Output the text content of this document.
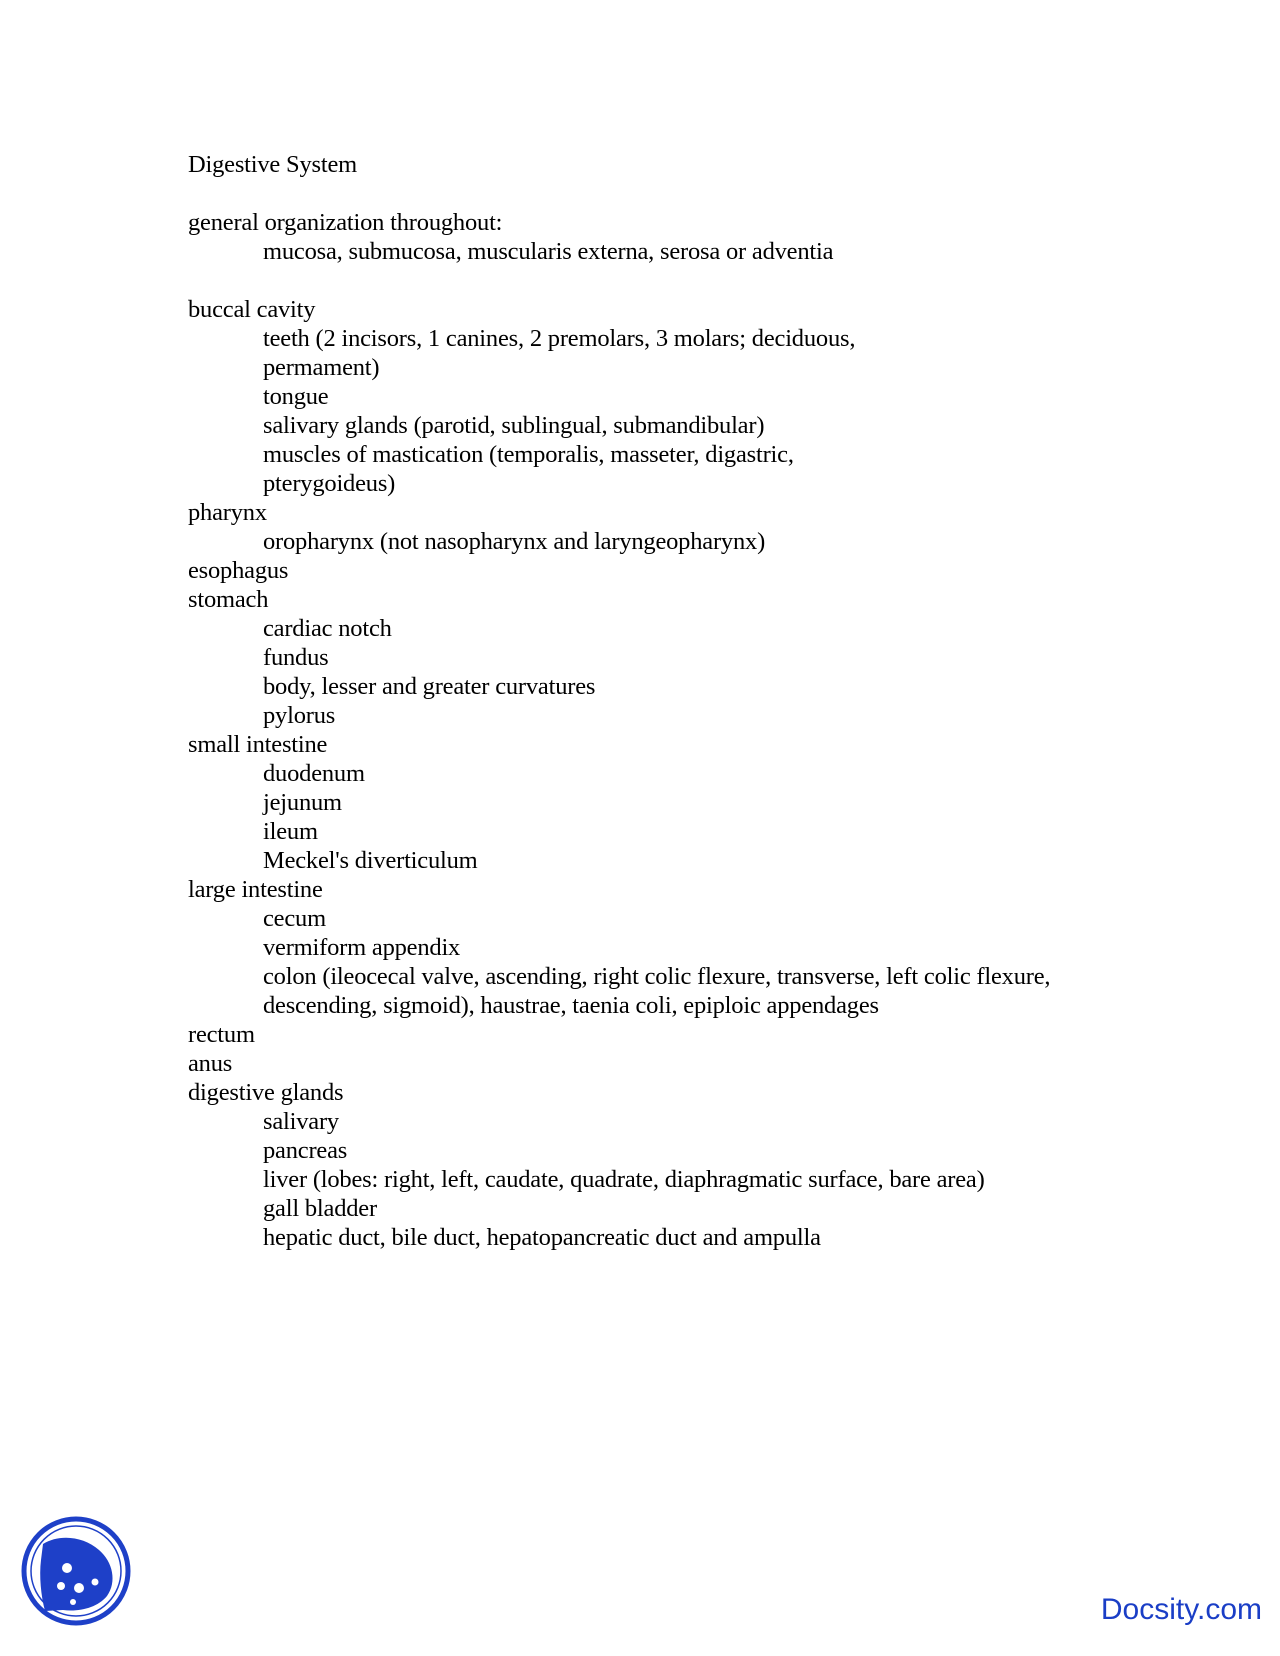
Digestive System
general organization throughout:
mucosa, submucosa, muscularis externa, serosa or adventia
buccal cavity
teeth (2 incisors, 1 canines, 2 premolars, 3 molars; deciduous,
permament)
tongue
salivary glands (parotid, sublingual, submandibular)
muscles of mastication (temporalis, masseter, digastric,
pterygoideus)
pharynx
oropharynx (not nasopharynx and laryngeopharynx)
esophagus
stomach
cardiac notch
fundus
body, lesser and greater curvatures
pylorus
small intestine
duodenum
jejunum
ileum
Meckel's diverticulum
large intestine
cecum
vermiform appendix
colon (ileocecal valve, ascending, right colic flexure, transverse, left colic flexure,
descending, sigmoid), haustrae, taenia coli, epiploic appendages
rectum
anus
digestive glands
salivary
pancreas
liver (lobes: right, left, caudate, quadrate, diaphragmatic surface, bare area)
gall bladder
hepatic duct, bile duct, hepatopancreatic duct and ampulla
Docsity.com
